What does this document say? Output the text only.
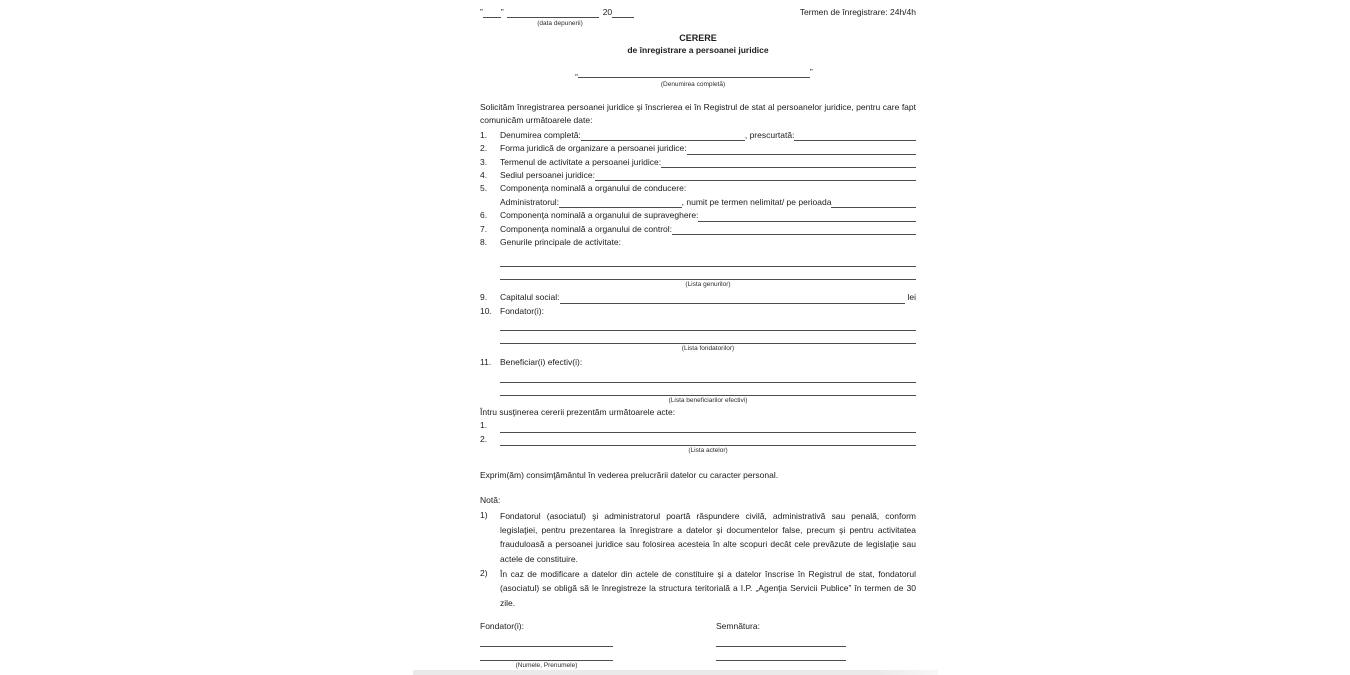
” ”	20	Termen de înregistrare: 24h/4h
(data depunerii)
CERERE
de înregistrare a persoanei juridice
„	”
(Denumirea completă)

Solicităm înregistrarea persoanei juridice şi înscrierea ei în Registrul de stat al persoanelor juridice, pentru care fapt comunicăm următoarele date:

1.	Denumirea completă:	, prescurtată:
2.	Forma juridică de organizare a persoanei juridice:
3.	Termenul de activitate a persoanei juridice:
4.	Sediul persoanei juridice:
5.	Componenţa nominală a organului de conducere:
Administratorul:	, numit pe termen nelimitat/ pe perioada
6.	Componenţa nominală a organului de supraveghere:
7.	Componenţa nominală a organului de control:
8.	Genurile principale de activitate:
(Lista genurilor)
9.	Capitalul social:	lei
10. Fondator(i):
(Lista fondatorilor)
11.	Beneficiar(i) efectiv(i):
(Lista beneficiarilor efectivi)
Întru susţinerea cererii prezentăm următoarele acte:
1.
2.
(Lista actelor)

Exprim(ăm) consimţământul în vederea prelucrării datelor cu caracter personal.

Notă:
1)	Fondatorul (asociatul) şi administratorul poartă răspundere civilă, administrativă sau penală, conform legislaţiei, pentru prezentarea la înregistrare a datelor şi documentelor false, precum şi pentru activitatea frauduloasă a persoanei juridice sau folosirea acesteia în alte scopuri decât cele prevăzute de legislaţie sau actele de constituire.

2)	În caz de modificare a datelor din actele de constituire şi a datelor înscrise în Registrul de stat, fondatorul (asociatul) se obligă să le înregistreze la structura teritorială a I.P. „Agenţia Servicii Publice” în termen de 30 zile.

Fondator(i):
(Numele, Prenumele)
Semnătura:
